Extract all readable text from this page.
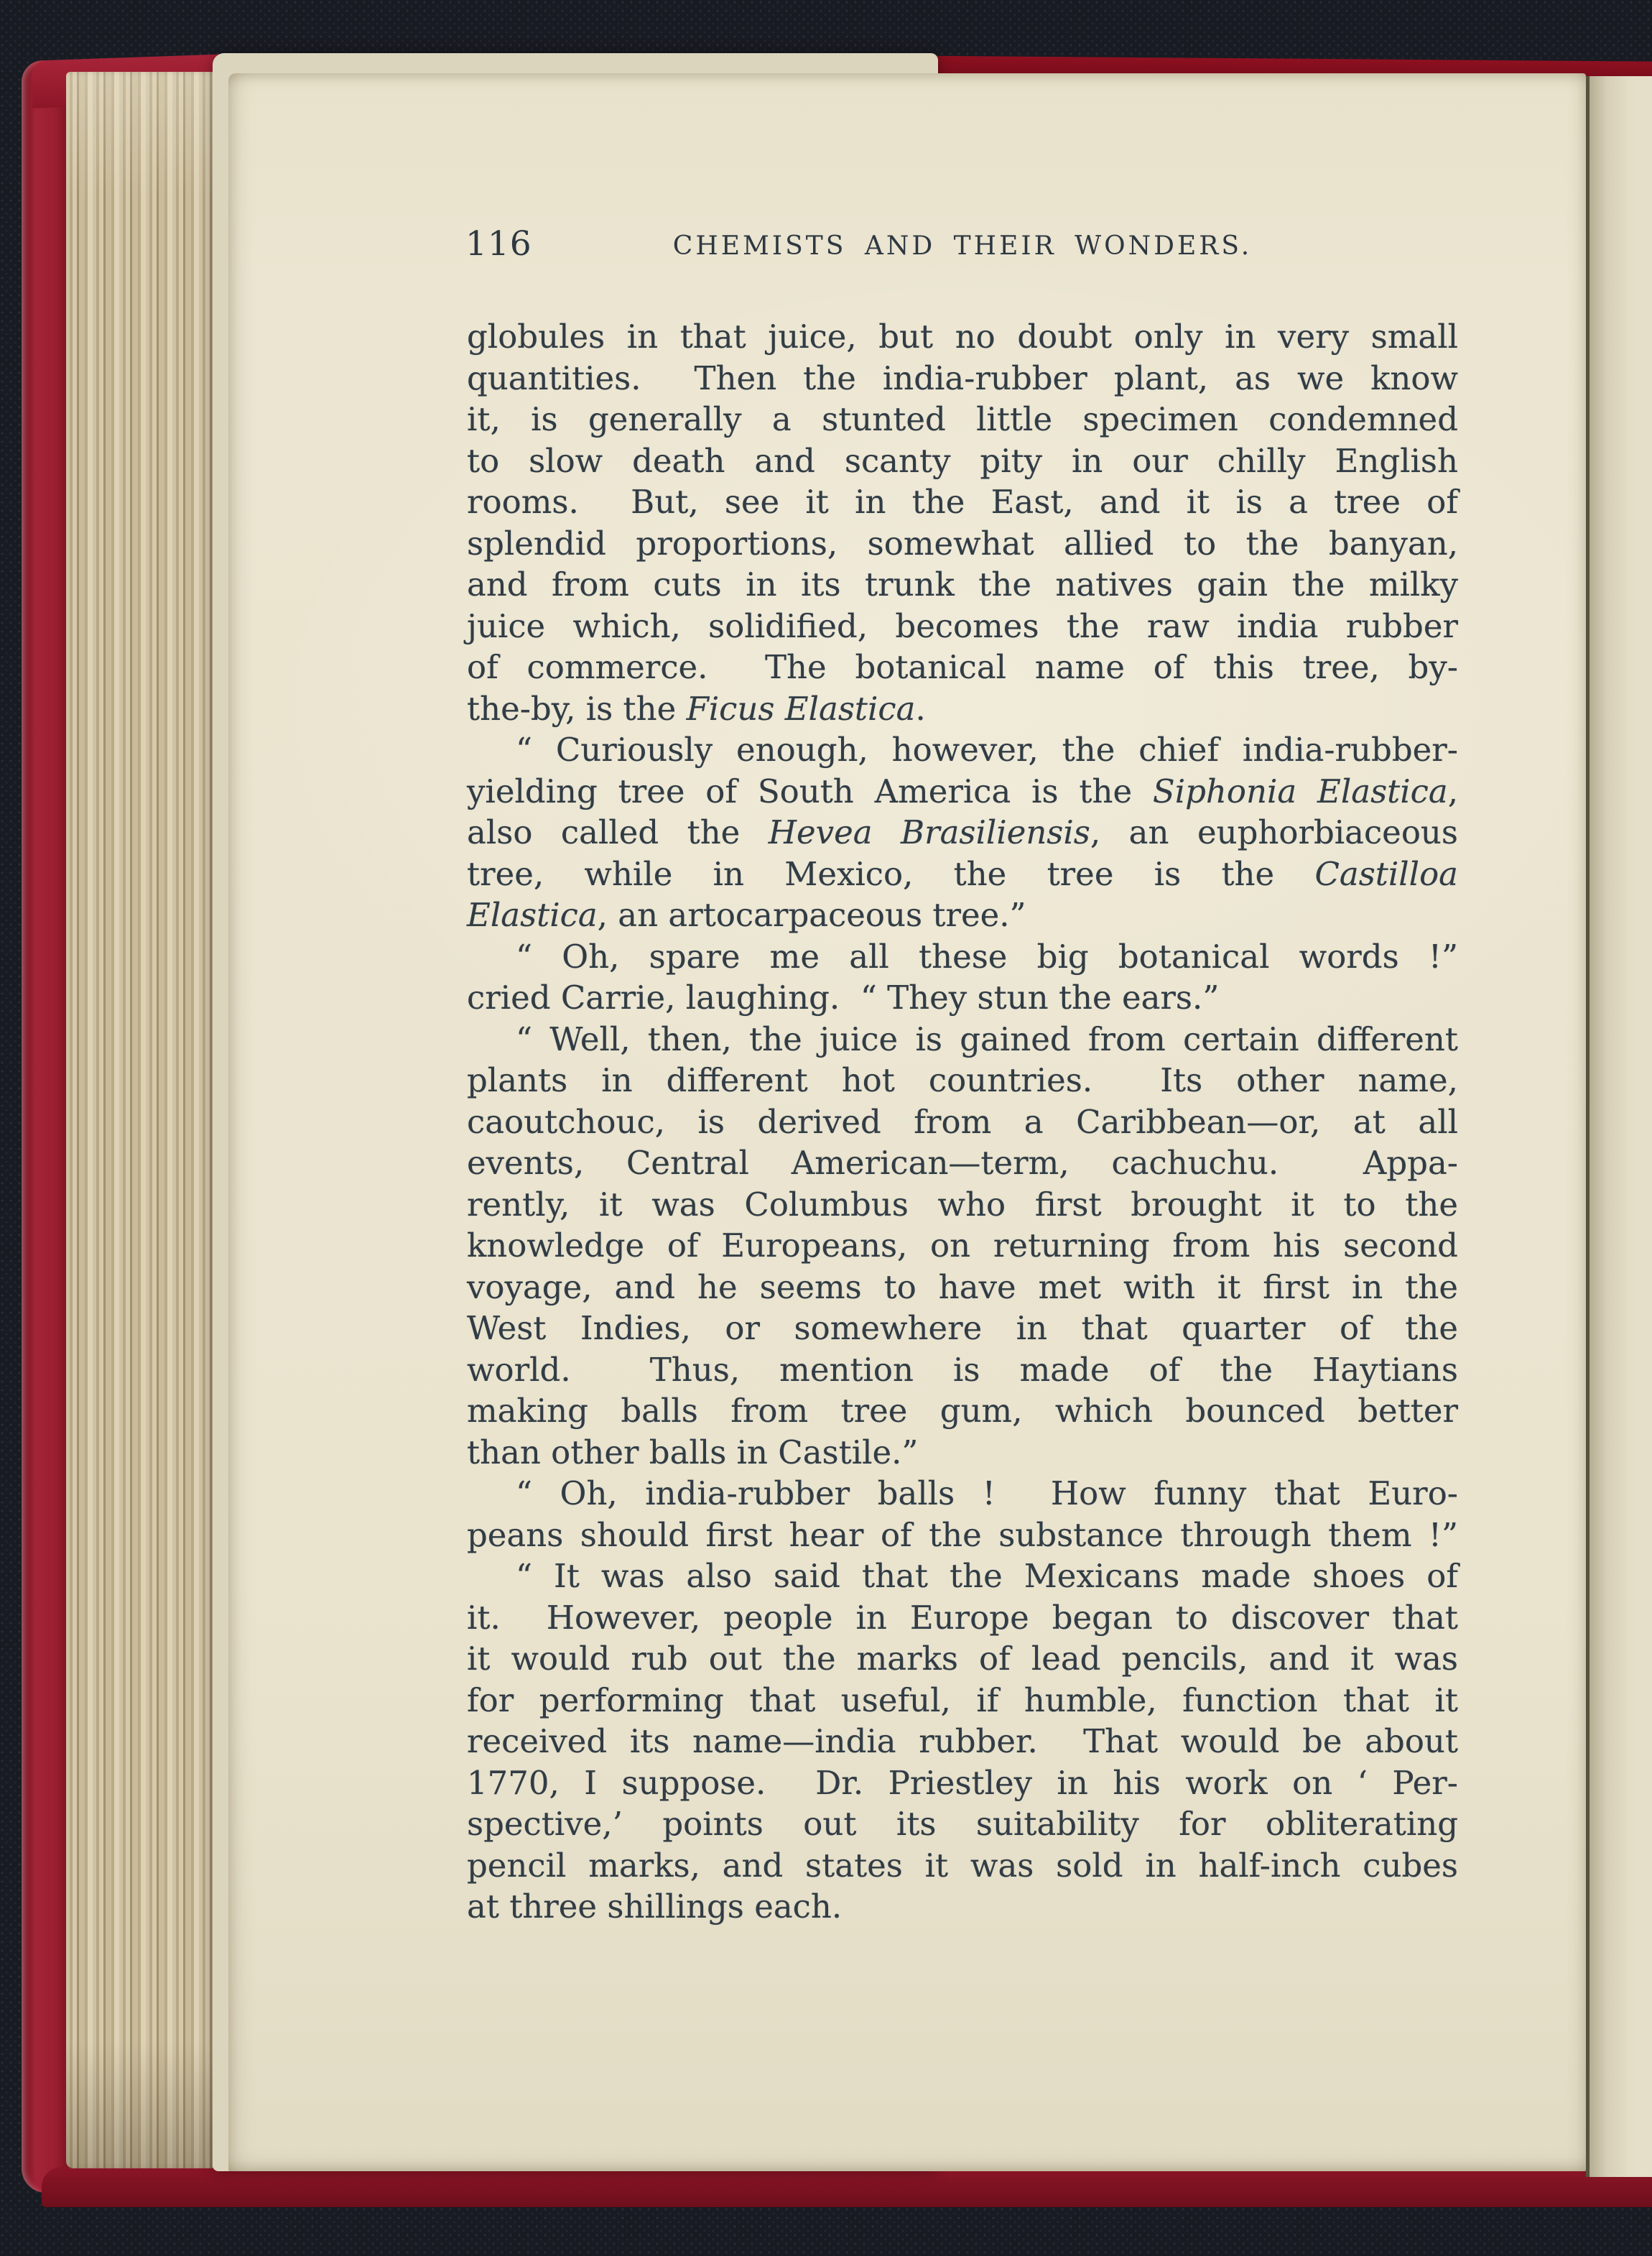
116	CHEMISTS AND THEIR WONDERS.
globules in that juice, but no doubt only in very small
quantities.  Then the india-rubber plant, as we know
it, is generally a stunted little specimen condemned
to slow death and scanty pity in our chilly English
rooms.  But, see it in the East, and it is a tree of
splendid proportions, somewhat allied to the banyan,
and from cuts in its trunk the natives gain the milky
juice which, solidified, becomes the raw india rubber
of commerce.  The botanical name of this tree, by-
the-by, is the Ficus Elastica.
“ Curiously enough, however, the chief india-rubber-
yielding tree of South America is the Siphonia Elastica,
also called the Hevea Brasiliensis, an euphorbiaceous
tree, while in Mexico, the tree is the Castilloa
Elastica, an artocarpaceous tree.”
“ Oh, spare me all these big botanical words !”
cried Carrie, laughing.  “ They stun the ears.”
“ Well, then, the juice is gained from certain different
plants in different hot countries.  Its other name,
caoutchouc, is derived from a Caribbean—or, at all
events, Central American—term, cachuchu.  Appa-
rently, it was Columbus who first brought it to the
knowledge of Europeans, on returning from his second
voyage, and he seems to have met with it first in the
West Indies, or somewhere in that quarter of the
world.  Thus, mention is made of the Haytians
making balls from tree gum, which bounced better
than other balls in Castile.”
“ Oh, india-rubber balls !  How funny that Euro-
peans should first hear of the substance through them !”
“ It was also said that the Mexicans made shoes of
it.  However, people in Europe began to discover that
it would rub out the marks of lead pencils, and it was
for performing that useful, if humble, function that it
received its name—india rubber.  That would be about
1770, I suppose.  Dr. Priestley in his work on ‘ Per-
spective,’ points out its suitability for obliterating
pencil marks, and states it was sold in half-inch cubes
at three shillings each.
